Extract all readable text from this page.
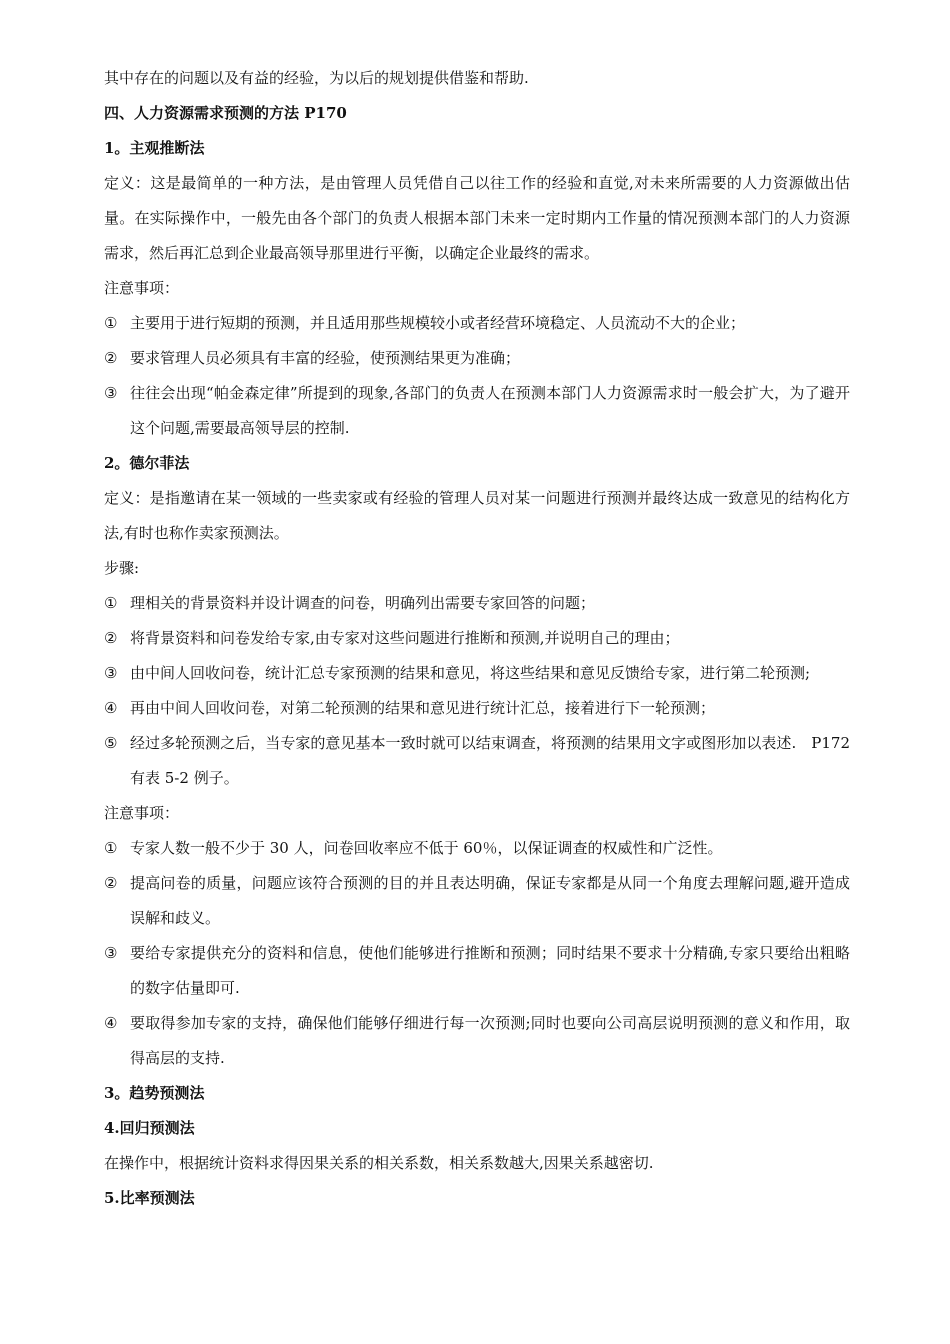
其中存在的问题以及有益的经验，为以后的规划提供借鉴和帮助.
四、人力资源需求预测的方法 P170
1。主观推断法
定义：这是最简单的一种方法，是由管理人员凭借自己以往工作的经验和直觉,对未来所需要的人力资源做出估量。在实际操作中，一般先由各个部门的负责人根据本部门未来一定时期内工作量的情况预测本部门的人力资源需求，然后再汇总到企业最高领导那里进行平衡，以确定企业最终的需求。
注意事项：
① 主要用于进行短期的预测，并且适用那些规模较小或者经营环境稳定、人员流动不大的企业；
② 要求管理人员必须具有丰富的经验，使预测结果更为准确；
③ 往往会出现“帕金森定律”所提到的现象,各部门的负责人在预测本部门人力资源需求时一般会扩大，为了避开这个问题,需要最高领导层的控制.
2。德尔菲法
定义：是指邀请在某一领域的一些卖家或有经验的管理人员对某一问题进行预测并最终达成一致意见的结构化方法,有时也称作卖家预测法。
步骤:
① 理相关的背景资料并设计调查的问卷，明确列出需要专家回答的问题；
② 将背景资料和问卷发给专家,由专家对这些问题进行推断和预测,并说明自己的理由；
③ 由中间人回收问卷，统计汇总专家预测的结果和意见，将这些结果和意见反馈给专家，进行第二轮预测;
④ 再由中间人回收问卷，对第二轮预测的结果和意见进行统计汇总，接着进行下一轮预测；
⑤ 经过多轮预测之后，当专家的意见基本一致时就可以结束调查，将预测的结果用文字或图形加以表述.　P172 有表 5-2 例子。
注意事项：
① 专家人数一般不少于 30 人，问卷回收率应不低于 60％，以保证调查的权威性和广泛性。
② 提高问卷的质量，问题应该符合预测的目的并且表达明确，保证专家都是从同一个角度去理解问题,避开造成误解和歧义。
③ 要给专家提供充分的资料和信息，使他们能够进行推断和预测；同时结果不要求十分精确,专家只要给出粗略的数字估量即可.
④ 要取得参加专家的支持，确保他们能够仔细进行每一次预测;同时也要向公司高层说明预测的意义和作用，取得高层的支持.
3。趋势预测法
4.回归预测法
在操作中，根据统计资料求得因果关系的相关系数，相关系数越大,因果关系越密切.
5.比率预测法
